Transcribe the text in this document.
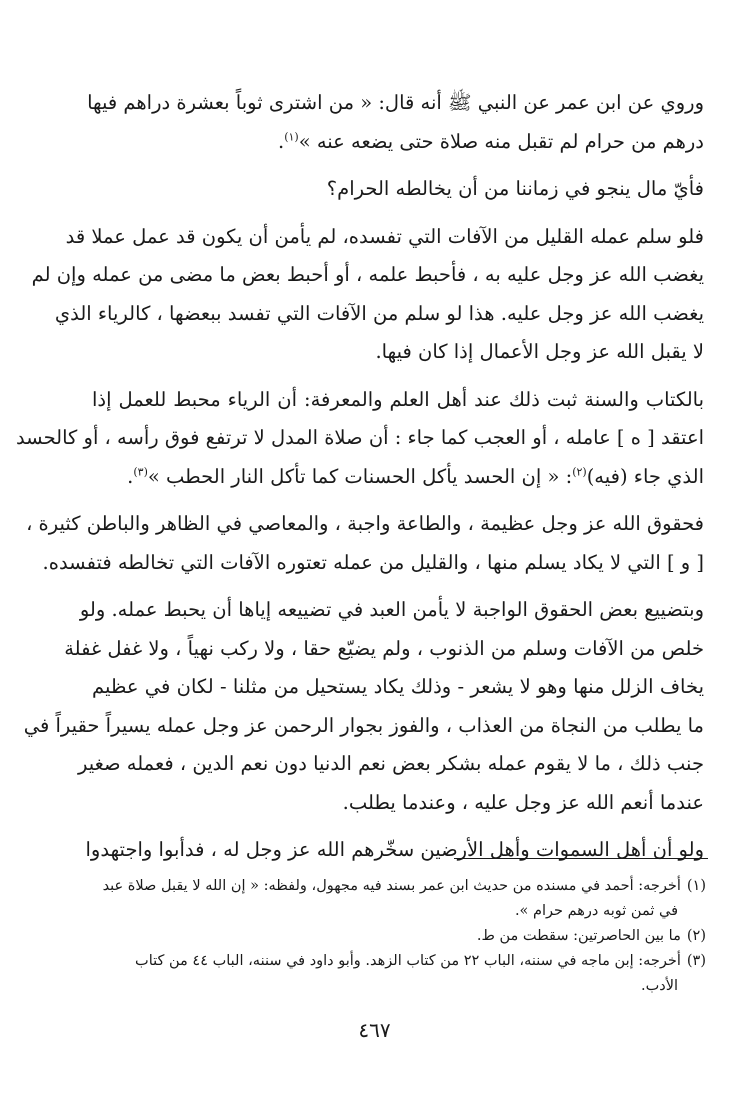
وروي عن ابن عمر عن النبي ﷺ أنه قال: « من اشترى ثوباً بعشرة دراهم فيها
درهم من حرام لم تقبل منه صلاة حتى يضعه عنه »$^{(١)}$.
فأيّ مال ينجو في زماننا من أن يخالطه الحرام؟
فلو سلم عمله القليل من الآفات التي تفسده، لم يأمن أن يكون قد عمل عملا قد
يغضب الله عز وجل عليه به ، فأحبط علمه ، أو أحبط بعض ما مضى من عمله وإن لم
يغضب الله عز وجل عليه. هذا لو سلم من الآفات التي تفسد ببعضها ، كالرياء الذي
لا يقبل الله عز وجل الأعمال إذا كان فيها.
بالكتاب والسنة ثبت ذلك عند أهل العلم والمعرفة: أن الرياء محبط للعمل إذا
اعتقد [ ه ] عامله ، أو العجب كما جاء : أن صلاة المدل لا ترتفع فوق رأسه ، أو كالحسد
الذي جاء (فيه)$^{(٢)}$: « إن الحسد يأكل الحسنات كما تأكل النار الحطب »$^{(٣)}$.
فحقوق الله عز وجل عظيمة ، والطاعة واجبة ، والمعاصي في الظاهر والباطن كثيرة ،
[ و ] التي لا يكاد يسلم منها ، والقليل من عمله تعتوره الآفات التي تخالطه فتفسده.
وبتضييع بعض الحقوق الواجبة لا يأمن العبد في تضييعه إياها أن يحبط عمله. ولو
خلص من الآفات وسلم من الذنوب ، ولم يضيّع حقا ، ولا ركب نهياً ، ولا غفل غفلة
يخاف الزلل منها وهو لا يشعر - وذلك يكاد يستحيل من مثلنا - لكان في عظيم
ما يطلب من النجاة من العذاب ، والفوز بجوار الرحمن عز وجل عمله يسيراً حقيراً في
جنب ذلك ، ما لا يقوم عمله بشكر بعض نعم الدنيا دون نعم الدين ، فعمله صغير
عندما أنعم الله عز وجل عليه ، وعندما يطلب.
ولو أن أهل السموات وأهل الأرضين سخّرهم الله عز وجل له ، فدأبوا واجتهدوا

(١)أخرجه: أحمد في مسنده من حديث ابن عمر بسند فيه مجهول، ولفظه: « إن الله لا يقبل صلاة عبد
في ثمن ثوبه درهم حرام ».

(٢)ما بين الحاصرتين: سقطت من ط.

(٣)أخرجه: إبن ماجه في سننه، الباب ٢٢ من كتاب الزهد. وأبو داود في سننه، الباب ٤٤ من كتاب
الأدب.

٤٦٧
